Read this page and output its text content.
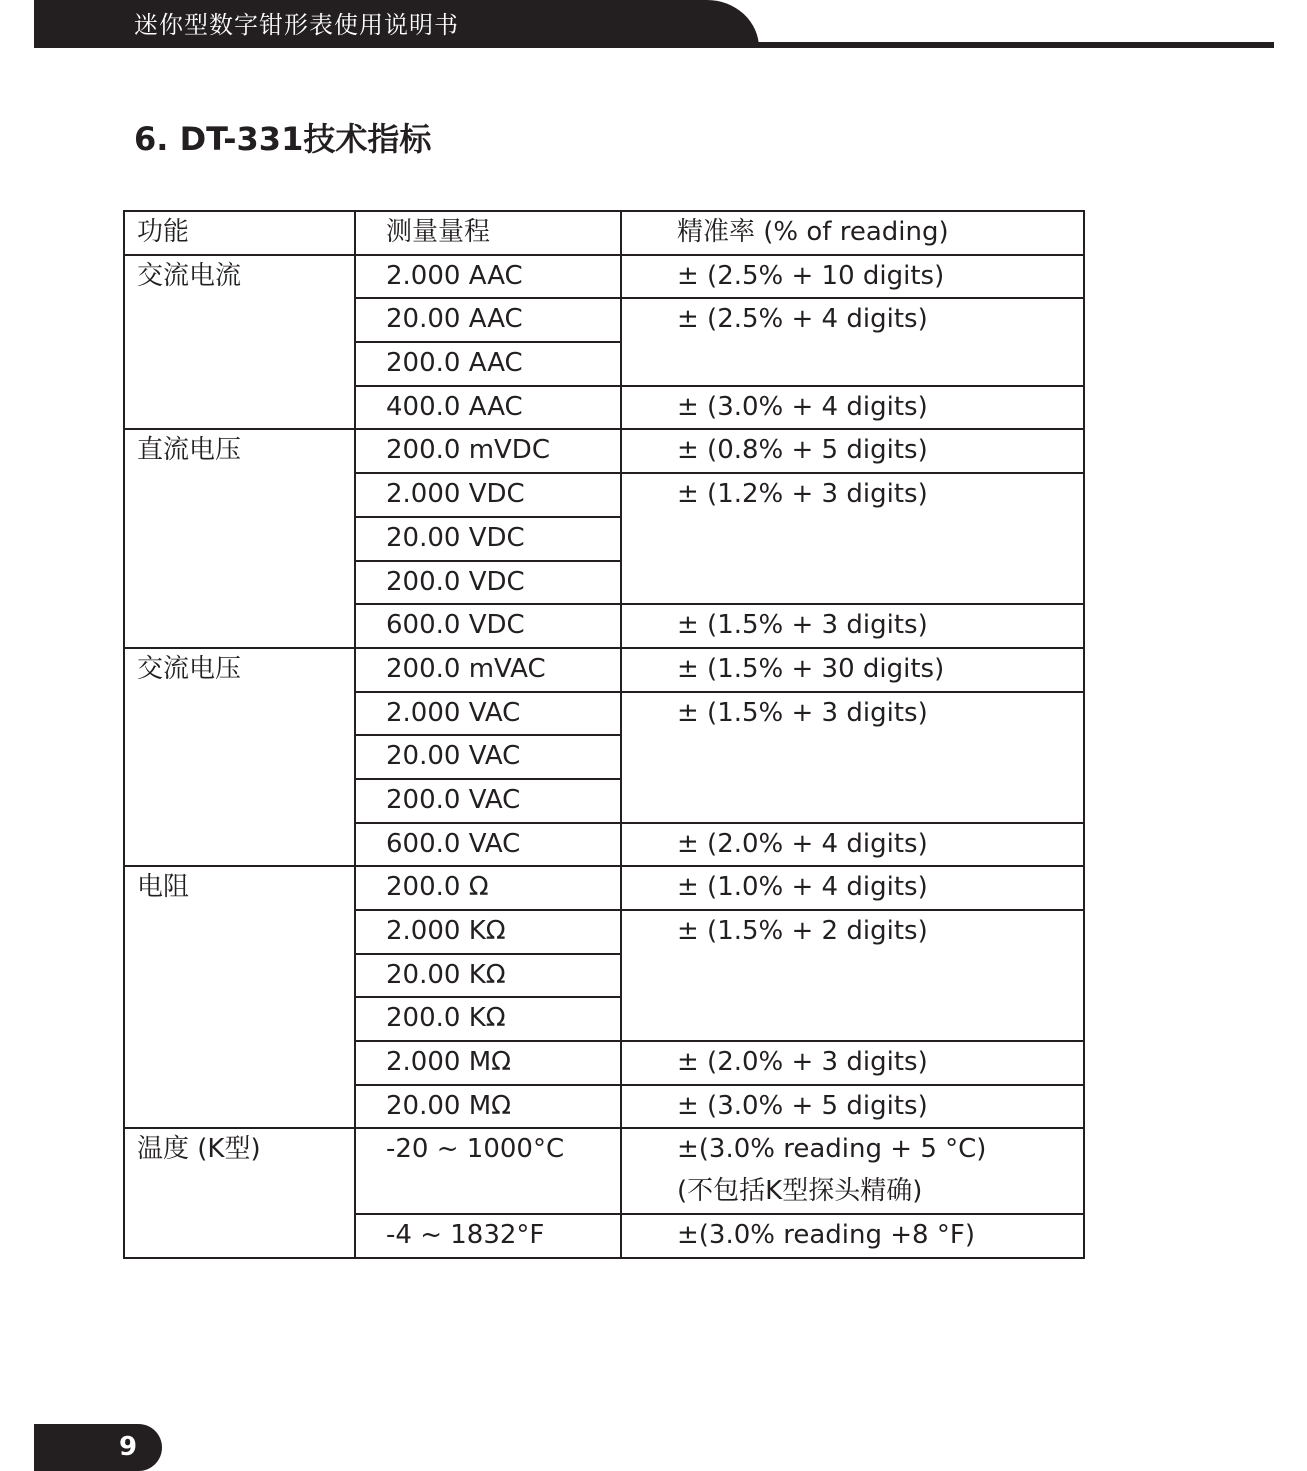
迷你型数字钳形表使用说明书
6. DT-331技术指标
功能	测量量程	精准率 (% of reading)
交流电流	2.000 AAC	± (2.5% + 10 digits)
	20.00 AAC	± (2.5% + 4 digits)
	200.0 AAC	
	400.0 AAC	± (3.0% + 4 digits)
直流电压	200.0 mVDC	± (0.8% + 5 digits)
	2.000 VDC	± (1.2% + 3 digits)
	20.00 VDC	
	200.0 VDC	
	600.0 VDC	± (1.5% + 3 digits)
交流电压	200.0 mVAC	± (1.5% + 30 digits)
	2.000 VAC	± (1.5% + 3 digits)
	20.00 VAC	
	200.0 VAC	
	600.0 VAC	± (2.0% + 4 digits)
电阻	200.0 Ω	± (1.0% + 4 digits)
	2.000 KΩ	± (1.5% + 2 digits)
	20.00 KΩ	
	200.0 KΩ	
	2.000 MΩ	± (2.0% + 3 digits)
	20.00 MΩ	± (3.0% + 5 digits)
温度 (K型)	-20 ~ 1000°C	±(3.0% reading + 5 °C)
		(不包括K型探头精确)
	-4 ~ 1832°F	±(3.0% reading +8 °F)
9
